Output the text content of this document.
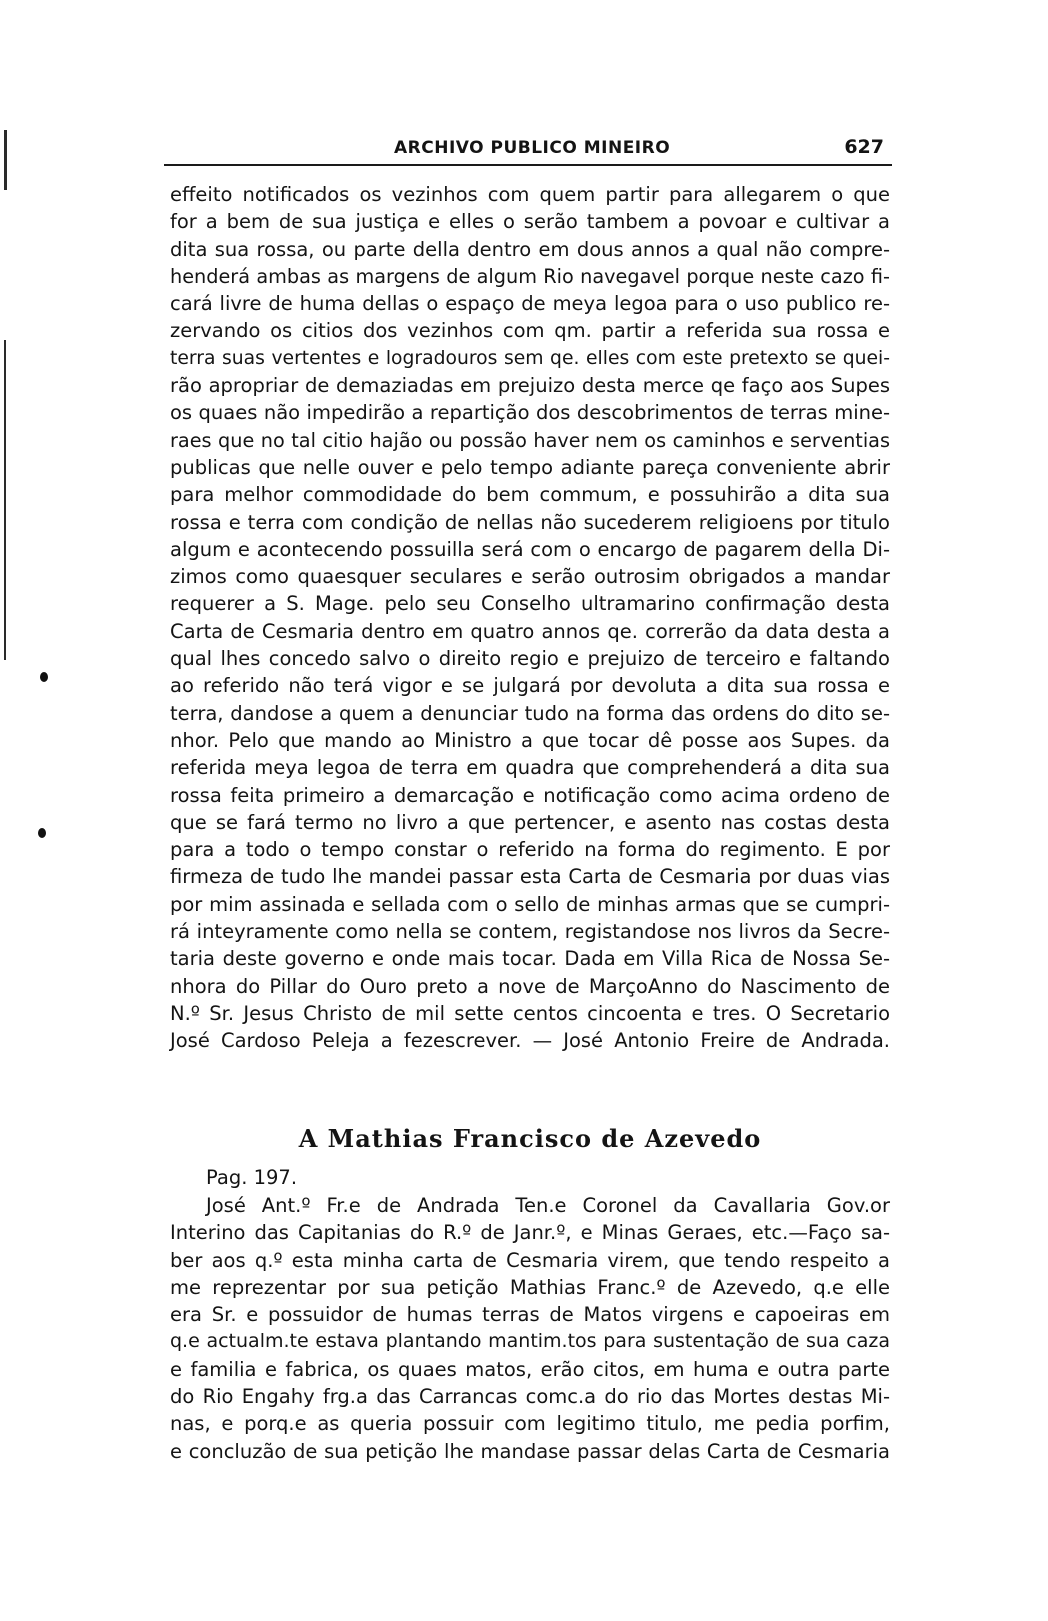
ARCHIVO PUBLICO MINEIRO	627
effeito notificados os vezinhos com quem partir para allegarem o que
for a bem de sua justiça e elles o serão tambem a povoar e cultivar a
dita sua rossa, ou parte della dentro em dous annos a qual não compre-
henderá ambas as margens de algum Rio navegavel porque neste cazo fi-
cará livre de huma dellas o espaço de meya legoa para o uso publico re-
zervando os citios dos vezinhos com qm. partir a referida sua rossa e
terra suas vertentes e logradouros sem qe. elles com este pretexto se quei-
rão apropriar de demaziadas em prejuizo desta merce qe faço aos Supes
os quaes não impedirão a repartição dos descobrimentos de terras mine-
raes que no tal citio hajão ou possão haver nem os caminhos e serventias
publicas que nelle ouver e pelo tempo adiante pareça conveniente abrir
para melhor commodidade do bem commum, e possuhirão a dita sua
rossa e terra com condição de nellas não sucederem religioens por titulo
algum e acontecendo possuilla será com o encargo de pagarem della Di-
zimos como quaesquer seculares e serão outrosim obrigados a mandar
requerer a S. Mage. pelo seu Conselho ultramarino confirmação desta
Carta de Cesmaria dentro em quatro annos qe. correrão da data desta a
qual lhes concedo salvo o direito regio e prejuizo de terceiro e faltando
ao referido não terá vigor e se julgará por devoluta a dita sua rossa e
terra, dandose a quem a denunciar tudo na forma das ordens do dito se-
nhor. Pelo que mando ao Ministro a que tocar dê posse aos Supes. da
referida meya legoa de terra em quadra que comprehenderá a dita sua
rossa feita primeiro a demarcação e notificação como acima ordeno de
que se fará termo no livro a que pertencer, e asento nas costas desta
para a todo o tempo constar o referido na forma do regimento. E por
firmeza de tudo lhe mandei passar esta Carta de Cesmaria por duas vias
por mim assinada e sellada com o sello de minhas armas que se cumpri-
rá inteyramente como nella se contem, registandose nos livros da Secre-
taria deste governo e onde mais tocar. Dada em Villa Rica de Nossa Se-
nhora do Pillar do Ouro preto a nove de MarçoAnno do Nascimento de
N.º Sr. Jesus Christo de mil sette centos cincoenta e tres. O Secretario
José Cardoso Peleja a fezescrever. — José Antonio Freire de Andrada.
A Mathias Francisco de Azevedo
Pag. 197.
José Ant.º Fr.e de Andrada Ten.e Coronel da Cavallaria Gov.or
Interino das Capitanias do R.º de Janr.º, e Minas Geraes, etc.—Faço sa-
ber aos q.º esta minha carta de Cesmaria virem, que tendo respeito a
me reprezentar por sua petição Mathias Franc.º de Azevedo, q.e elle
era Sr. e possuidor de humas terras de Matos virgens e capoeiras em
q.e actualm.te estava plantando mantim.tos para sustentação de sua caza
e familia e fabrica, os quaes matos, erão citos, em huma e outra parte
do Rio Engahy frg.a das Carrancas comc.a do rio das Mortes destas Mi-
nas, e porq.e as queria possuir com legitimo titulo, me pedia porfim,
e concluzão de sua petição lhe mandase passar delas Carta de Cesmaria
